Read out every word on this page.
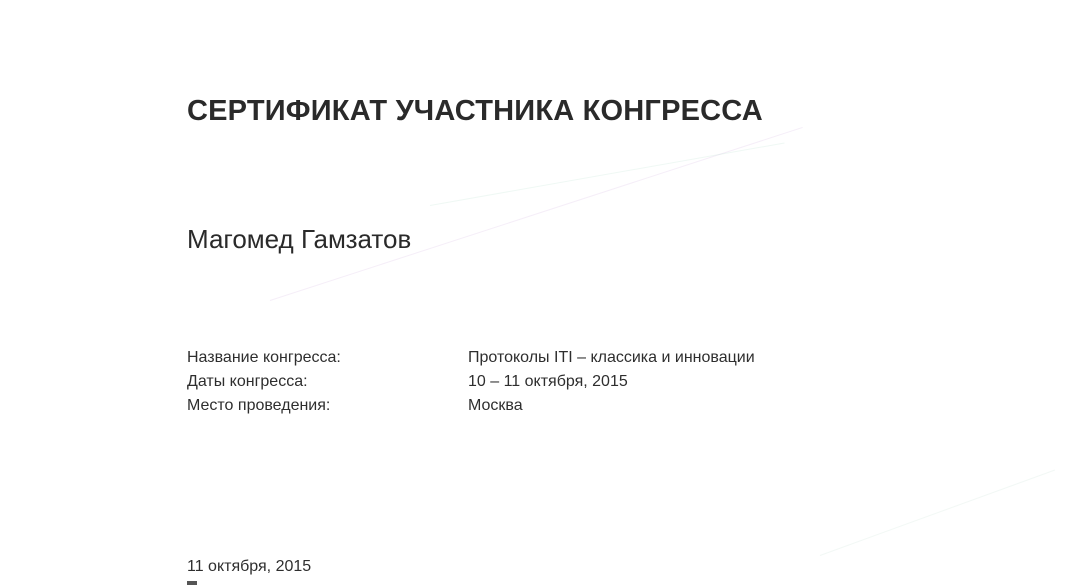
СЕРТИФИКАТ УЧАСТНИКА КОНГРЕССА
Магомед Гамзатов
Название конгресса:	Протоколы ITI – классика и инновации
Даты конгресса:	10 – 11 октября, 2015
Место проведения:	Москва
11 октября, 2015
